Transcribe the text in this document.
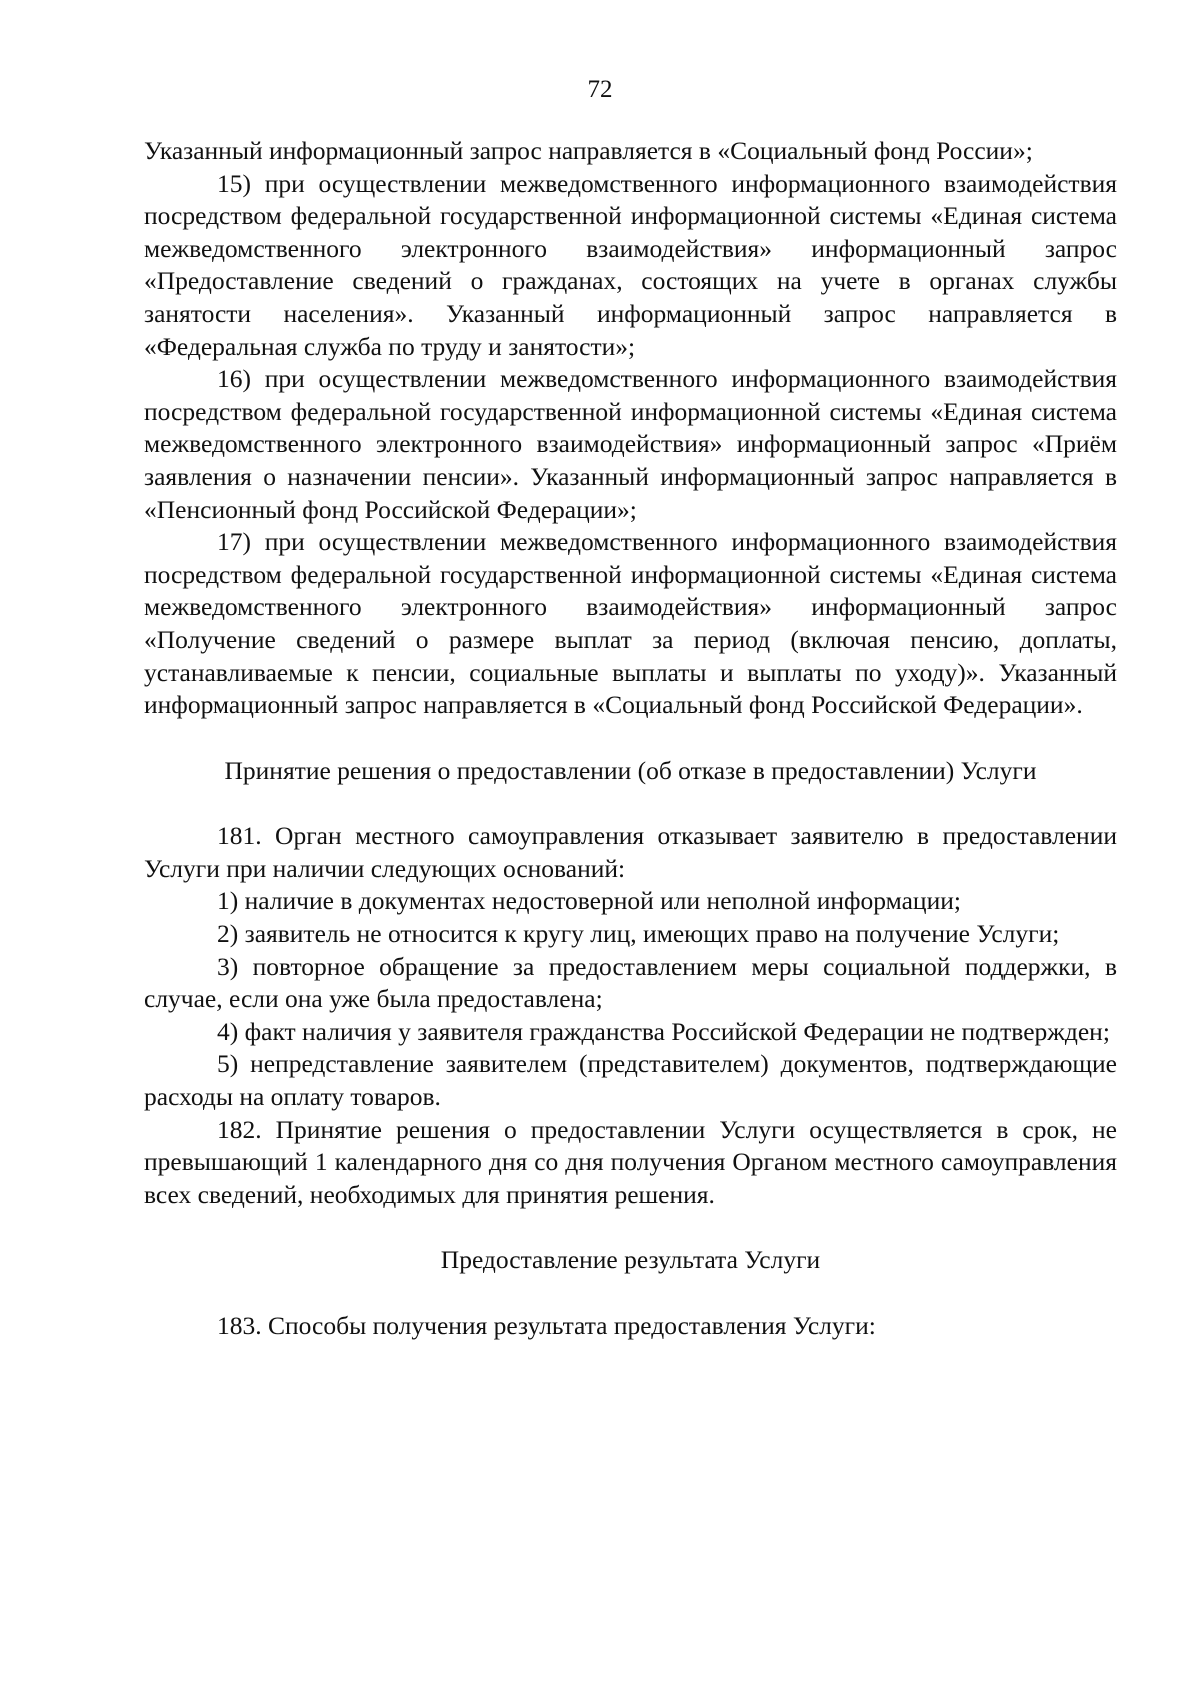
72

Указанный информационный запрос направляется в «Социальный фонд России»;

15) при осуществлении межведомственного информационного взаимодействия посредством федеральной государственной информационной системы «Единая система межведомственного электронного взаимодействия» информационный запрос «Предоставление сведений о гражданах, состоящих на учете в органах службы занятости населения». Указанный информационный запрос направляется в «Федеральная служба по труду и занятости»;

16) при осуществлении межведомственного информационного взаимодействия посредством федеральной государственной информационной системы «Единая система межведомственного электронного взаимодействия» информационный запрос «Приём заявления о назначении пенсии». Указанный информационный запрос направляется в «Пенсионный фонд Российской Федерации»;

17) при осуществлении межведомственного информационного взаимодействия посредством федеральной государственной информационной системы «Единая система межведомственного электронного взаимодействия» информационный запрос «Получение сведений о размере выплат за период (включая пенсию, доплаты, устанавливаемые к пенсии, социальные выплаты и выплаты по уходу)». Указанный информационный запрос направляется в «Социальный фонд Российской Федерации».

Принятие решения о предоставлении (об отказе в предоставлении) Услуги

181. Орган местного самоуправления отказывает заявителю в предоставлении Услуги при наличии следующих оснований:

1) наличие в документах недостоверной или неполной информации;

2) заявитель не относится к кругу лиц, имеющих право на получение Услуги;

3) повторное обращение за предоставлением меры социальной поддержки, в случае, если она уже была предоставлена;

4) факт наличия у заявителя гражданства Российской Федерации не подтвержден;

5) непредставление заявителем (представителем) документов, подтверждающие расходы на оплату товаров.

182. Принятие решения о предоставлении Услуги осуществляется в срок, не превышающий 1 календарного дня со дня получения Органом местного самоуправления всех сведений, необходимых для принятия решения.

Предоставление результата Услуги

183. Способы получения результата предоставления Услуги:
